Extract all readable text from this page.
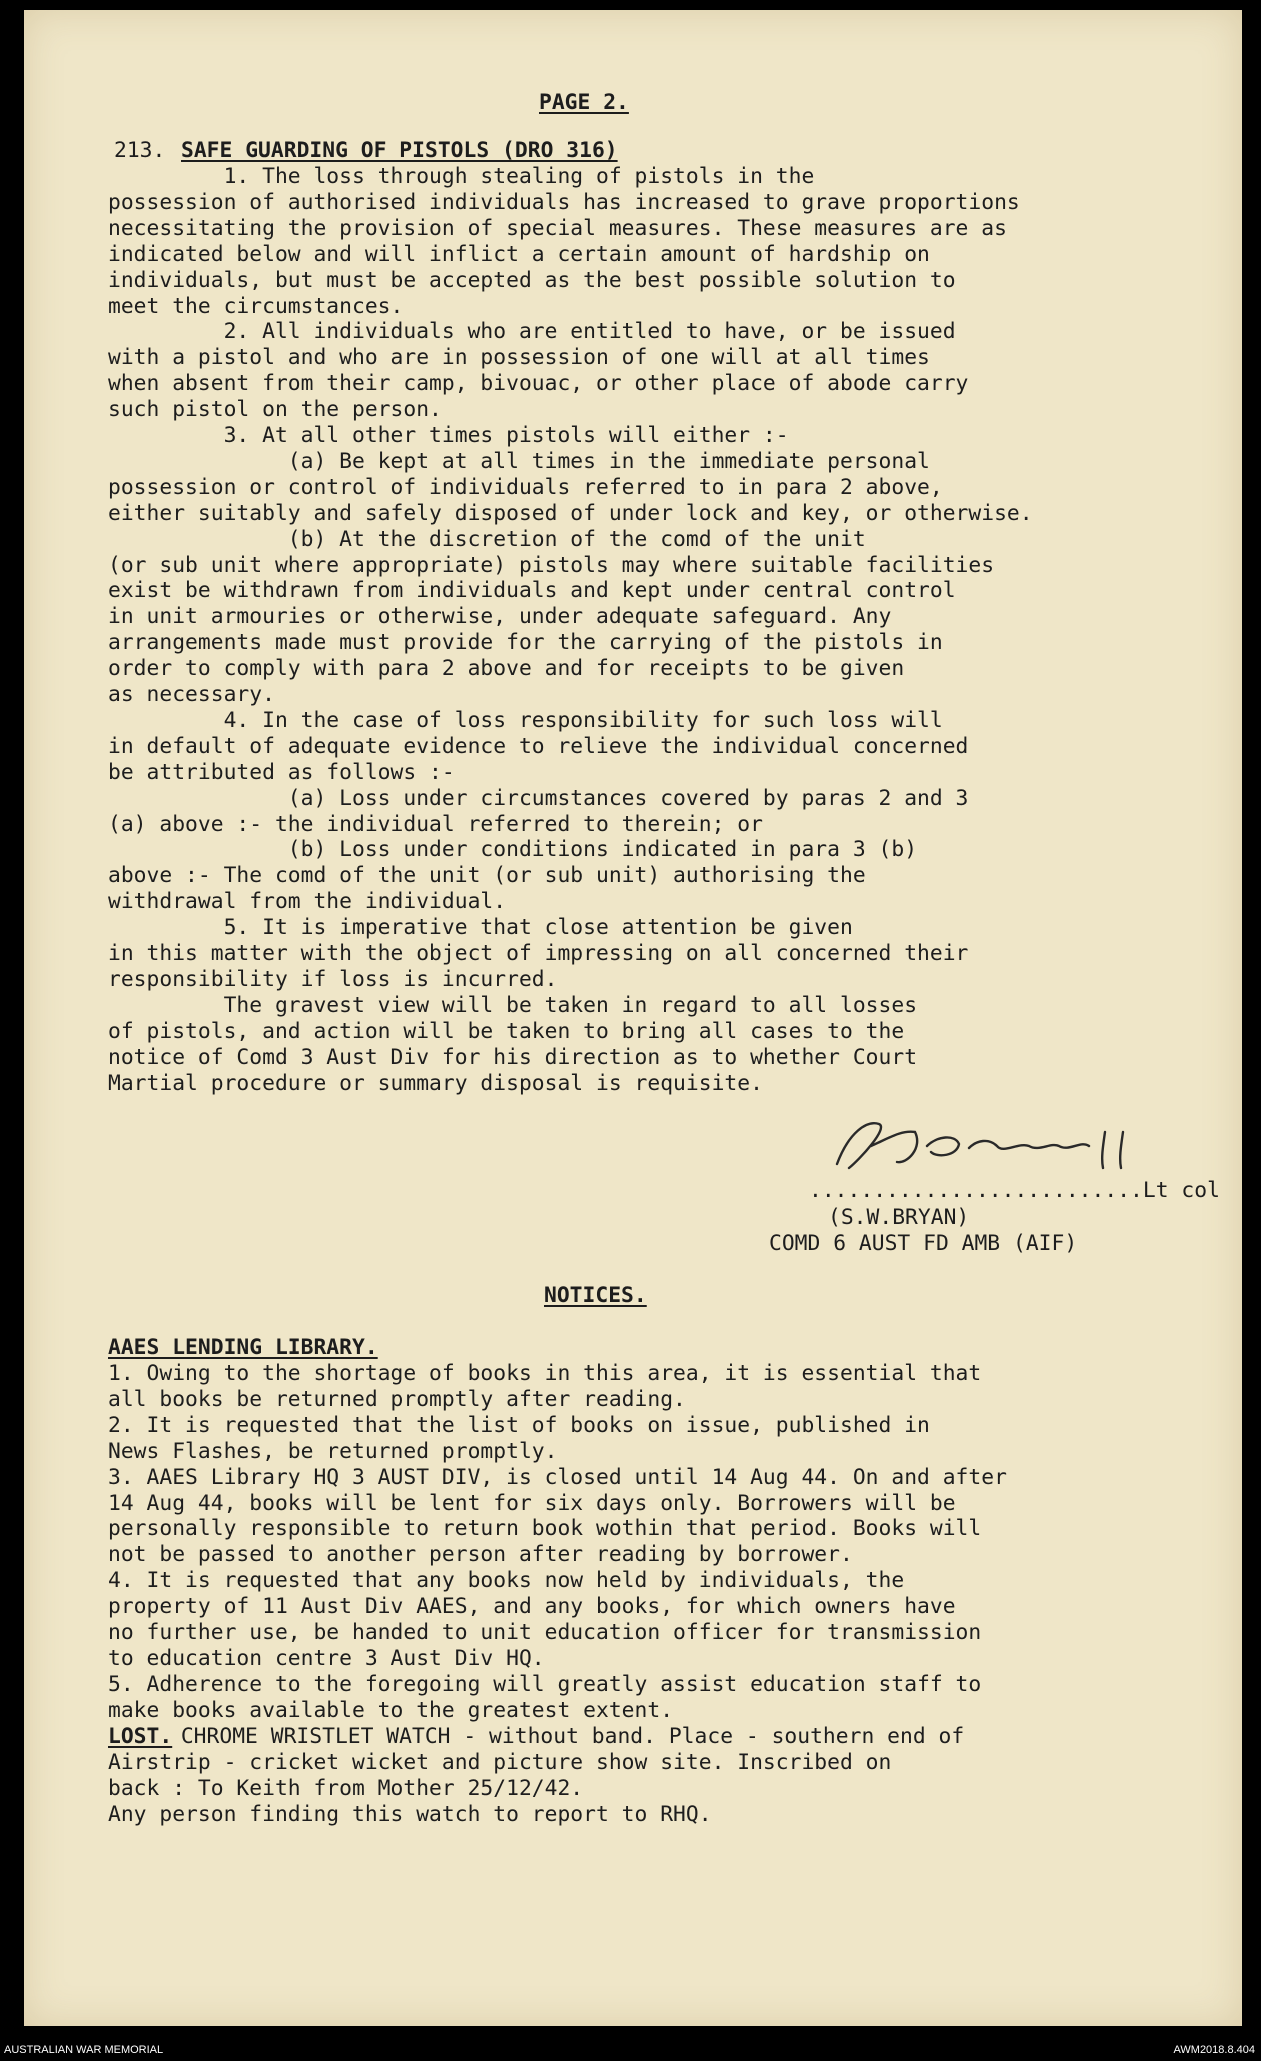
PAGE 2.
213. SAFE GUARDING OF PISTOLS (DRO 316)
1. The loss through stealing of pistols in the
possession of authorised individuals has increased to grave proportions
necessitating the provision of special measures. These measures are as
indicated below and will inflict a certain amount of hardship on
individuals, but must be accepted as the best possible solution to
meet the circumstances.
2. All individuals who are entitled to have, or be issued
with a pistol and who are in possession of one will at all times
when absent from their camp, bivouac, or other place of abode carry
such pistol on the person.
3. At all other times pistols will either :-
(a) Be kept at all times in the immediate personal
possession or control of individuals referred to in para 2 above,
either suitably and safely disposed of under lock and key, or otherwise.
(b) At the discretion of the comd of the unit
(or sub unit where appropriate) pistols may where suitable facilities
exist be withdrawn from individuals and kept under central control
in unit armouries or otherwise, under adequate safeguard. Any
arrangements made must provide for the carrying of the pistols in
order to comply with para 2 above and for receipts to be given
as necessary.
4. In the case of loss responsibility for such loss will
in default of adequate evidence to relieve the individual concerned
be attributed as follows :-
(a) Loss under circumstances covered by paras 2 and 3
(a) above :- the individual referred to therein; or
(b) Loss under conditions indicated in para 3 (b)
above :- The comd of the unit (or sub unit) authorising the
withdrawal from the individual.
5. It is imperative that close attention be given
in this matter with the object of impressing on all concerned their
responsibility if loss is incurred.
The gravest view will be taken in regard to all losses
of pistols, and action will be taken to bring all cases to the
notice of Comd 3 Aust Div for his direction as to whether Court
Martial procedure or summary disposal is requisite.
..........................Lt col
(S.W.BRYAN)
COMD 6 AUST FD AMB (AIF)
NOTICES.
AAES LENDING LIBRARY.
1. Owing to the shortage of books in this area, it is essential that
all books be returned promptly after reading.
2. It is requested that the list of books on issue, published in
News Flashes, be returned promptly.
3. AAES Library HQ 3 AUST DIV, is closed until 14 Aug 44. On and after
14 Aug 44, books will be lent for six days only. Borrowers will be
personally responsible to return book wothin that period. Books will
not be passed to another person after reading by borrower.
4. It is requested that any books now held by individuals, the
property of 11 Aust Div AAES, and any books, for which owners have
no further use, be handed to unit education officer for transmission
to education centre 3 Aust Div HQ.
5. Adherence to the foregoing will greatly assist education staff to
make books available to the greatest extent.
LOST.
CHROME WRISTLET WATCH - without band. Place - southern end of
Airstrip - cricket wicket and picture show site. Inscribed on
back : To Keith from Mother 25/12/42.
Any person finding this watch to report to RHQ.
AUSTRALIAN WAR MEMORIAL	AWM2018.8.404
